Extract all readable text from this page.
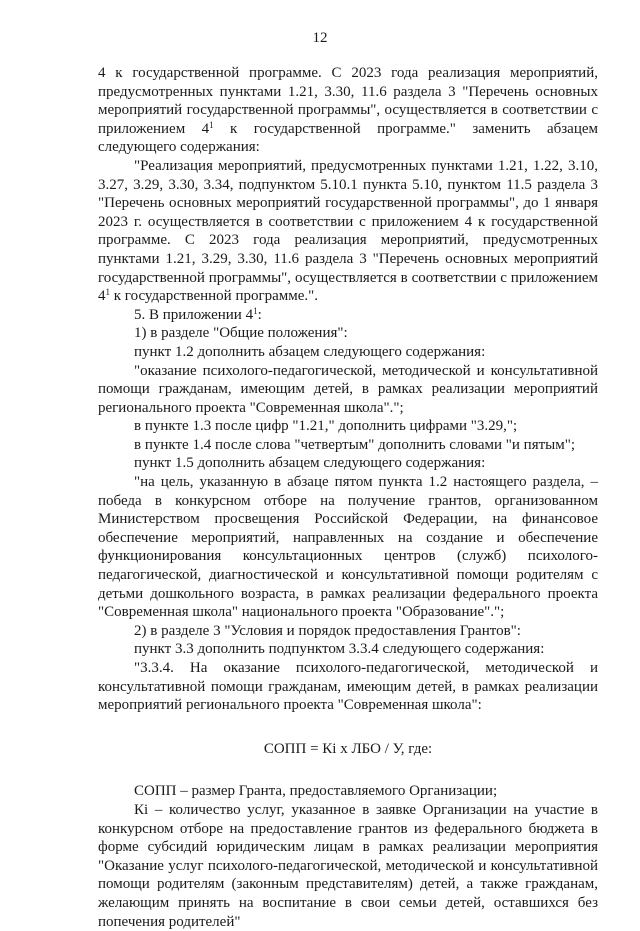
12

4 к государственной программе. С 2023 года реализация мероприятий, предусмотренных пунктами 1.21, 3.30, 11.6 раздела 3 "Перечень основных мероприятий государственной программы", осуществляется в соответствии с приложением $4^1$ к государственной программе." заменить абзацем следующего содержания:

"Реализация мероприятий, предусмотренных пунктами 1.21, 1.22, 3.10, 3.27, 3.29, 3.30, 3.34, подпунктом 5.10.1 пункта 5.10, пунктом 11.5 раздела 3 "Перечень основных мероприятий государственной программы", до 1 января 2023 г. осуществляется в соответствии с приложением 4 к государственной программе. С 2023 года реализация мероприятий, предусмотренных пунктами 1.21, 3.29, 3.30, 11.6 раздела 3 "Перечень основных мероприятий государственной программы", осуществляется в соответствии с приложением $4^1$ к государственной программе.".

5. В приложении $4^1$:

1) в разделе "Общие положения":

пункт 1.2 дополнить абзацем следующего содержания:

"оказание психолого-педагогической, методической и консультативной помощи гражданам, имеющим детей, в рамках реализации мероприятий регионального проекта "Современная школа".";

в пункте 1.3 после цифр "1.21," дополнить цифрами "3.29,";

в пункте 1.4 после слова "четвертым" дополнить словами "и пятым";

пункт 1.5 дополнить абзацем следующего содержания:

"на цель, указанную в абзаце пятом пункта 1.2 настоящего раздела, – победа в конкурсном отборе на получение грантов, организованном Министерством просвещения Российской Федерации, на финансовое обеспечение мероприятий, направленных на создание и обеспечение функционирования консультационных центров (служб) психолого-педагогической, диагностической и консультативной помощи родителям с детьми дошкольного возраста, в рамках реализации федерального проекта "Современная школа" национального проекта "Образование".";

2) в разделе 3 "Условия и порядок предоставления Грантов":

пункт 3.3 дополнить подпунктом 3.3.4 следующего содержания:

"3.3.4. На оказание психолого-педагогической, методической и консультативной помощи гражданам, имеющим детей, в рамках реализации мероприятий регионального проекта "Современная школа":

СОПП = Кi х ЛБО / У, где:

СОПП – размер Гранта, предоставляемого Организации;

Кi – количество услуг, указанное в заявке Организации на участие в конкурсном отборе на предоставление грантов из федерального бюджета в форме субсидий юридическим лицам в рамках реализации мероприятия "Оказание услуг психолого-педагогической, методической и консультативной помощи родителям (законным представителям) детей, а также гражданам, желающим принять на воспитание в свои семьи детей, оставшихся без попечения родителей"
